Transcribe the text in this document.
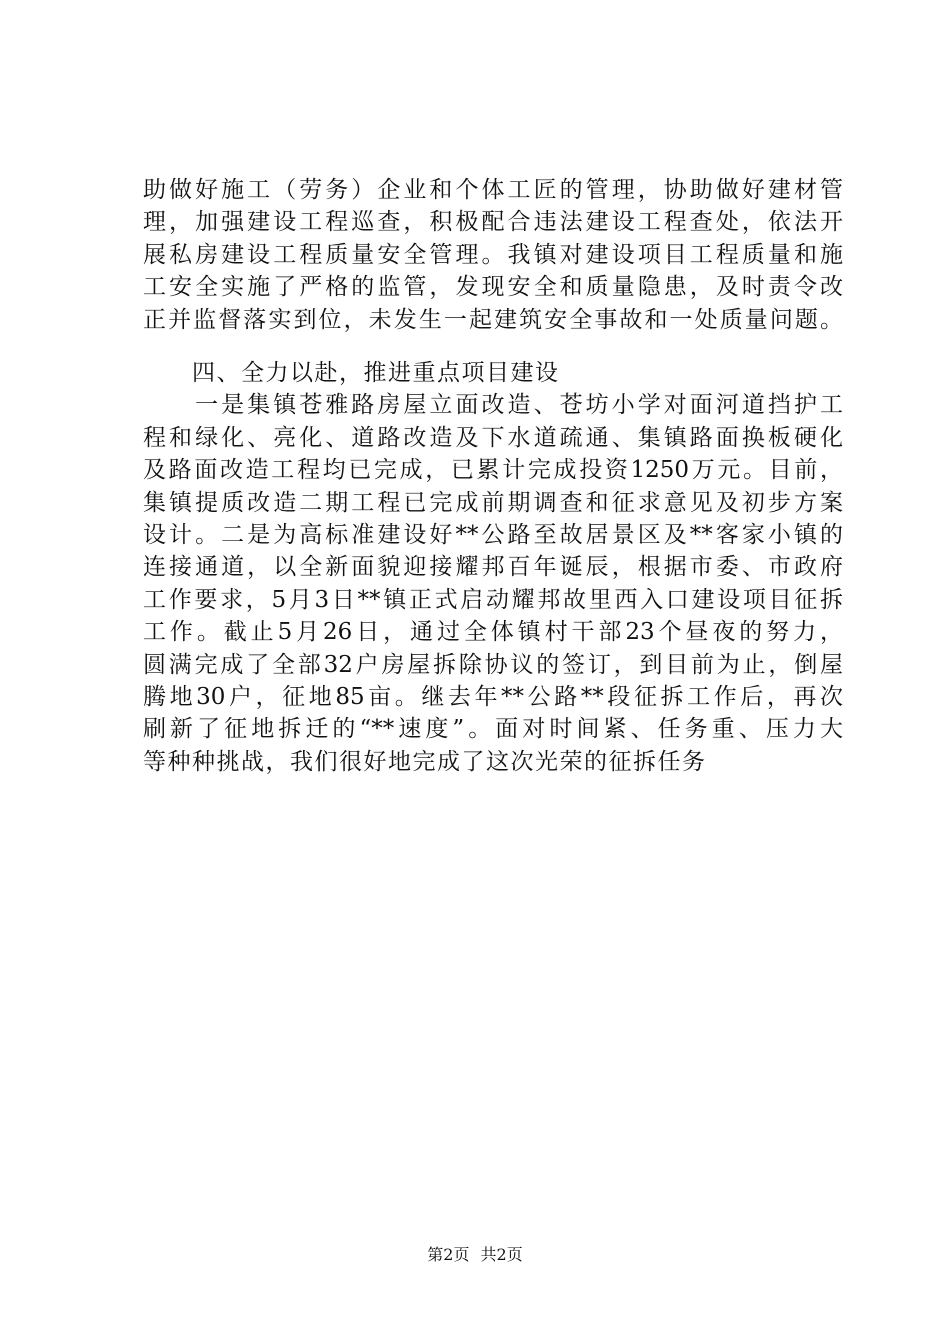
助做好施工（劳务）企业和个体工匠的管理，协助做好建材管
理，加强建设工程巡查，积极配合违法建设工程查处，依法开
展私房建设工程质量安全管理。我镇对建设项目工程质量和施
工安全实施了严格的监管，发现安全和质量隐患，及时责令改
正并监督落实到位，未发生一起建筑安全事故和一处质量问题。
　　四、全力以赴，推进重点项目建设
　　一是集镇苍雅路房屋立面改造、苍坊小学对面河道挡护工
程和绿化、亮化、道路改造及下水道疏通、集镇路面换板硬化
及路面改造工程均已完成，已累计完成投资1250万元。目前，
集镇提质改造二期工程已完成前期调查和征求意见及初步方案
设计。二是为高标准建设好**公路至故居景区及**客家小镇的
连接通道，以全新面貌迎接耀邦百年诞辰，根据市委、市政府
工作要求，5月3日**镇正式启动耀邦故里西入口建设项目征拆
工作。截止5月26日，通过全体镇村干部23个昼夜的努力，
圆满完成了全部32户房屋拆除协议的签订，到目前为止，倒屋
腾地30户，征地85亩。继去年**公路**段征拆工作后，再次
刷新了征地拆迁的“**速度”。面对时间紧、任务重、压力大
等种种挑战，我们很好地完成了这次光荣的征拆任务
第2页 共2页
